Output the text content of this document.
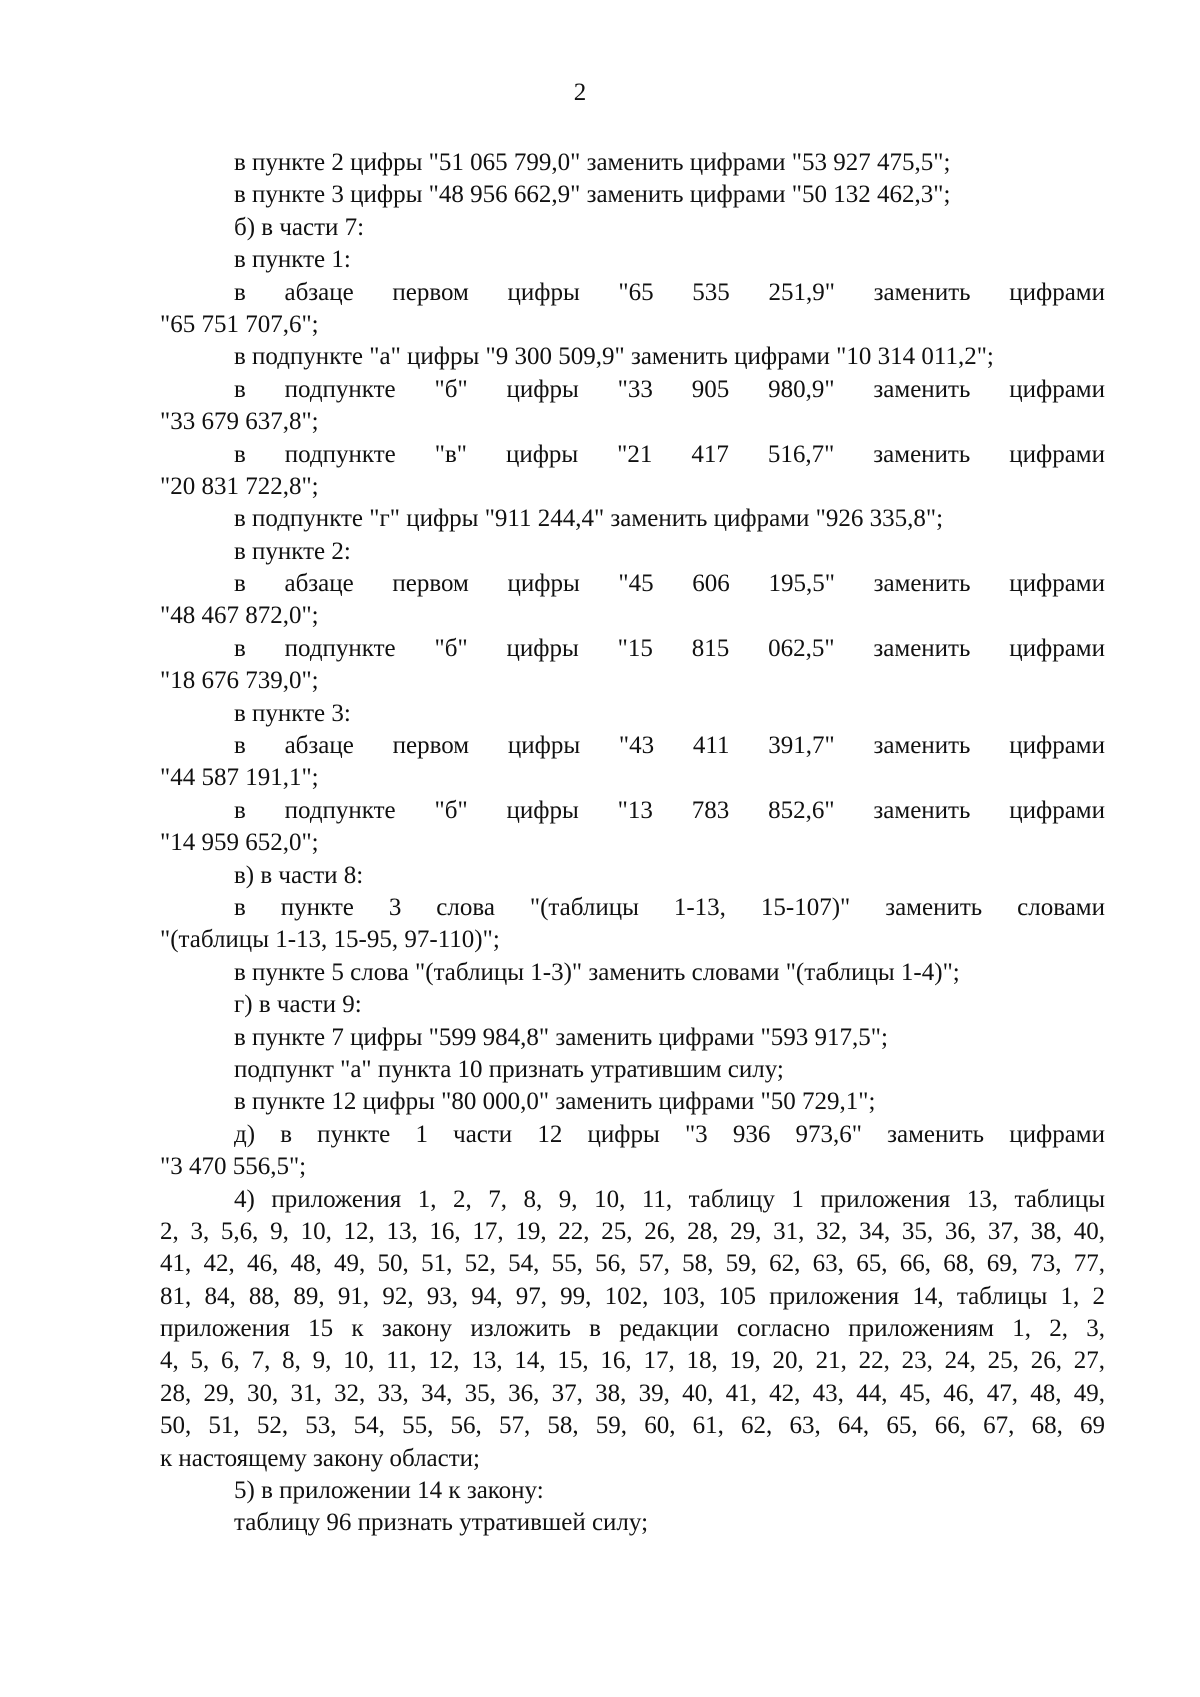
2
в пункте 2 цифры "51 065 799,0" заменить цифрами "53 927 475,5";
в пункте 3 цифры "48 956 662,9" заменить цифрами "50 132 462,3";
б) в части 7:
в пункте 1:
в абзаце первом цифры "65 535 251,9" заменить цифрами
"65 751 707,6";
в подпункте "а" цифры "9 300 509,9" заменить цифрами "10 314 011,2";
в подпункте "б" цифры "33 905 980,9" заменить цифрами
"33 679 637,8";
в подпункте "в" цифры "21 417 516,7" заменить цифрами
"20 831 722,8";
в подпункте "г" цифры "911 244,4" заменить цифрами "926 335,8";
в пункте 2:
в абзаце первом цифры "45 606 195,5" заменить цифрами
"48 467 872,0";
в подпункте "б" цифры "15 815 062,5" заменить цифрами
"18 676 739,0";
в пункте 3:
в абзаце первом цифры "43 411 391,7" заменить цифрами
"44 587 191,1";
в подпункте "б" цифры "13 783 852,6" заменить цифрами
"14 959 652,0";
в) в части 8:
в пункте 3 слова "(таблицы 1-13, 15-107)" заменить словами
"(таблицы 1-13, 15-95, 97-110)";
в пункте 5 слова "(таблицы 1-3)" заменить словами "(таблицы 1-4)";
г) в части 9:
в пункте 7 цифры "599 984,8" заменить цифрами "593 917,5";
подпункт "а" пункта 10 признать утратившим силу;
в пункте 12 цифры "80 000,0" заменить цифрами "50 729,1";
д) в пункте 1 части 12 цифры "3 936 973,6" заменить цифрами
"3 470 556,5";
4) приложения 1, 2, 7, 8, 9, 10, 11, таблицу 1 приложения 13, таблицы
2, 3, 5,6, 9, 10, 12, 13, 16, 17, 19, 22, 25, 26, 28, 29, 31, 32, 34, 35, 36, 37, 38, 40,
41, 42, 46, 48, 49, 50, 51, 52, 54, 55, 56, 57, 58, 59, 62, 63, 65, 66, 68, 69, 73, 77,
81, 84, 88, 89, 91, 92, 93, 94, 97, 99, 102, 103, 105 приложения 14, таблицы 1, 2
приложения 15 к закону изложить в редакции согласно приложениям 1, 2, 3,
4, 5, 6, 7, 8, 9, 10, 11, 12, 13, 14, 15, 16, 17, 18, 19, 20, 21, 22, 23, 24, 25, 26, 27,
28, 29, 30, 31, 32, 33, 34, 35, 36, 37, 38, 39, 40, 41, 42, 43, 44, 45, 46, 47, 48, 49,
50, 51, 52, 53, 54, 55, 56, 57, 58, 59, 60, 61, 62, 63, 64, 65, 66, 67, 68, 69
к настоящему закону области;
5) в приложении 14 к закону:
таблицу 96 признать утратившей силу;
